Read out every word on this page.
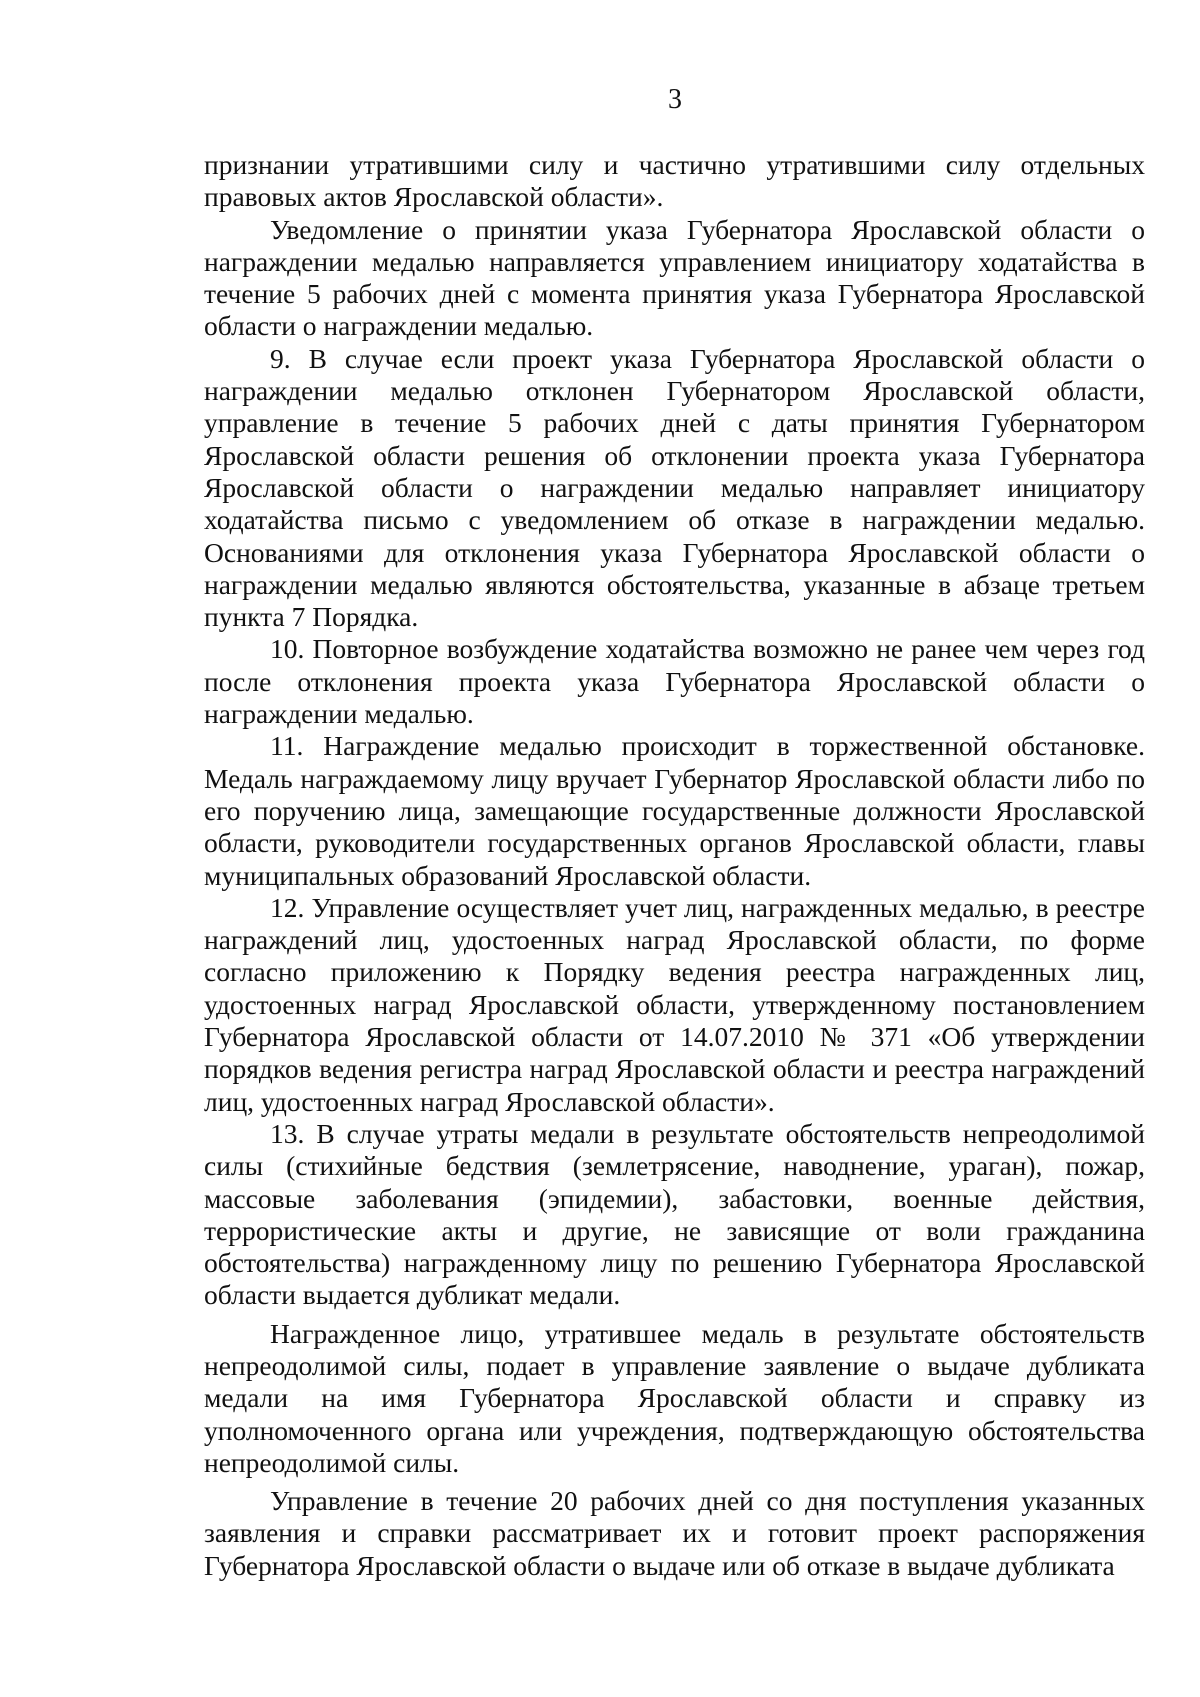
3

признании утратившими силу и частично утратившими силу отдельных правовых актов Ярославской области».

Уведомление о принятии указа Губернатора Ярославской области о награждении медалью направляется управлением инициатору ходатайства в течение 5 рабочих дней с момента принятия указа Губернатора Ярославской области о награждении медалью.

9. В случае если проект указа Губернатора Ярославской области о награждении медалью отклонен Губернатором Ярославской области, управление в течение 5 рабочих дней с даты принятия Губернатором Ярославской области решения об отклонении проекта указа Губернатора Ярославской области о награждении медалью направляет инициатору ходатайства письмо с уведомлением об отказе в награждении медалью. Основаниями для отклонения указа Губернатора Ярославской области о награждении медалью являются обстоятельства, указанные в абзаце третьем пункта 7 Порядка.

10. Повторное возбуждение ходатайства возможно не ранее чем через год после отклонения проекта указа Губернатора Ярославской области о награждении медалью.

11. Награждение медалью происходит в торжественной обстановке. Медаль награждаемому лицу вручает Губернатор Ярославской области либо по его поручению лица, замещающие государственные должности Ярославской области, руководители государственных органов Ярославской области, главы муниципальных образований Ярославской области.

12. Управление осуществляет учет лиц, награжденных медалью, в реестре награждений лиц, удостоенных наград Ярославской области, по форме согласно приложению к Порядку ведения реестра награжденных лиц, удостоенных наград Ярославской области, утвержденному постановлением Губернатора Ярославской области от 14.07.2010 № 371 «Об утверждении порядков ведения регистра наград Ярославской области и реестра награждений лиц, удостоенных наград Ярославской области».

13. В случае утраты медали в результате обстоятельств непреодолимой силы (стихийные бедствия (землетрясение, наводнение, ураган), пожар, массовые заболевания (эпидемии), забастовки, военные действия, террористические акты и другие, не зависящие от воли гражданина обстоятельства) награжденному лицу по решению Губернатора Ярославской области выдается дубликат медали.

Награжденное лицо, утратившее медаль в результате обстоятельств непреодолимой силы, подает в управление заявление о выдаче дубликата медали на имя Губернатора Ярославской области и справку из уполномоченного органа или учреждения, подтверждающую обстоятельства непреодолимой силы.

Управление в течение 20 рабочих дней со дня поступления указанных заявления и справки рассматривает их и готовит проект распоряжения Губернатора Ярославской области о выдаче или об отказе в выдаче дубликата
